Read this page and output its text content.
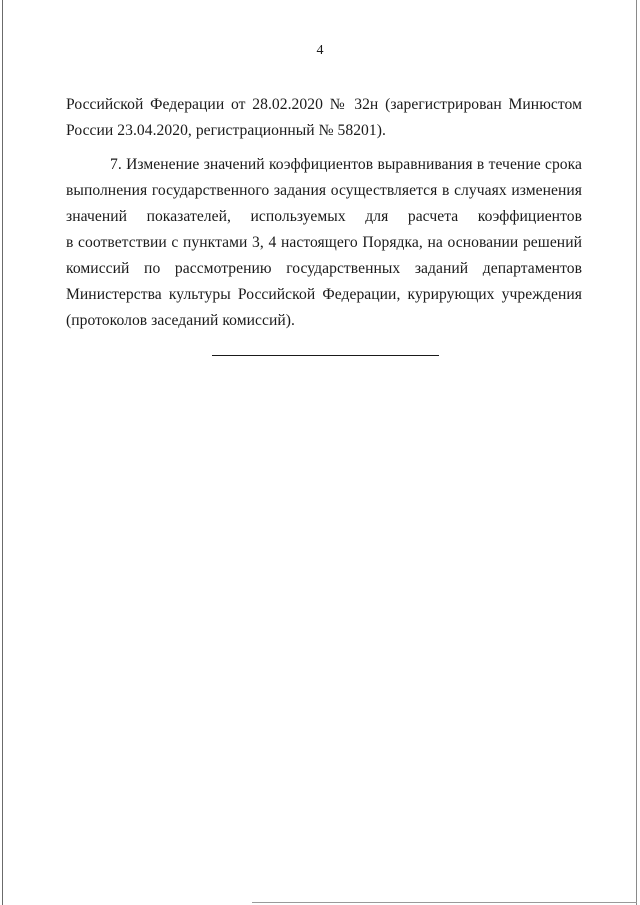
4
Российской Федерации от 28.02.2020 № 32н (зарегистрирован Минюстом
России 23.04.2020, регистрационный № 58201).
7. Изменение значений коэффициентов выравнивания в течение срока
выполнения государственного задания осуществляется в случаях изменения
значений показателей, используемых для расчета коэффициентов
в соответствии с пунктами 3, 4 настоящего Порядка, на основании решений
комиссий по рассмотрению государственных заданий департаментов
Министерства культуры Российской Федерации, курирующих учреждения
(протоколов заседаний комиссий).
